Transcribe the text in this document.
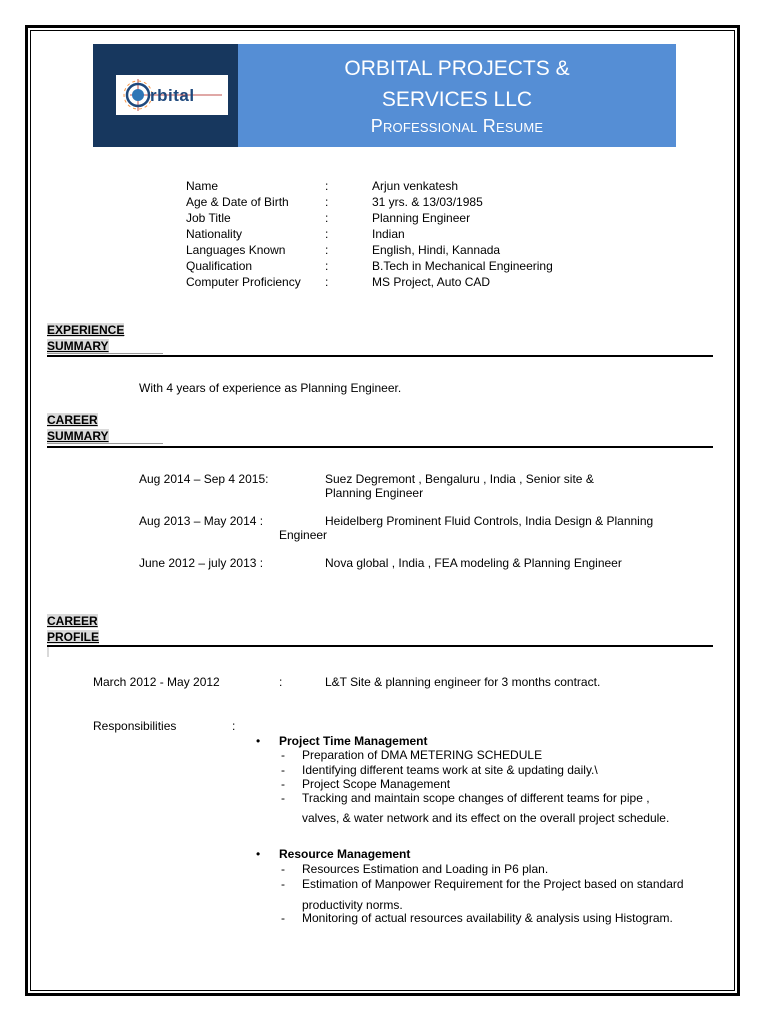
rbital
ORBITAL PROJECTS &
SERVICES LLC
Professional Resume
Name	:	Arjun venkatesh
Age & Date of Birth	:	31 yrs. & 13/03/1985
Job Title	:	Planning Engineer
Nationality	:	Indian
Languages Known	:	English, Hindi, Kannada
Qualification	:	B.Tech in Mechanical Engineering
Computer Proficiency :	MS Project, Auto CAD
EXPERIENCE
SUMMARY
With 4 years of experience as Planning Engineer.
CAREER
SUMMARY
Aug 2014 – Sep 4 2015:	Suez Degremont , Bengaluru , India , Senior site &
Planning Engineer
Aug 2013 – May 2014 :	Heidelberg Prominent Fluid Controls, India Design & Planning
Engineer
June 2012 – july 2013 :	Nova global , India , FEA modeling & Planning Engineer
CAREER
PROFILE
March 2012 - May 2012	:	L&T Site & planning engineer for 3 months contract.
Responsibilities	:
• Project Time Management
- Preparation of DMA METERING SCHEDULE
- Identifying different teams work at site & updating daily.\
- Project Scope Management
- Tracking and maintain scope changes of different teams for pipe ,
valves, & water network and its effect on the overall project schedule.
• Resource Management
- Resources Estimation and Loading in P6 plan.
- Estimation of Manpower Requirement for the Project based on standard
productivity norms.
- Monitoring of actual resources availability & analysis using Histogram.
